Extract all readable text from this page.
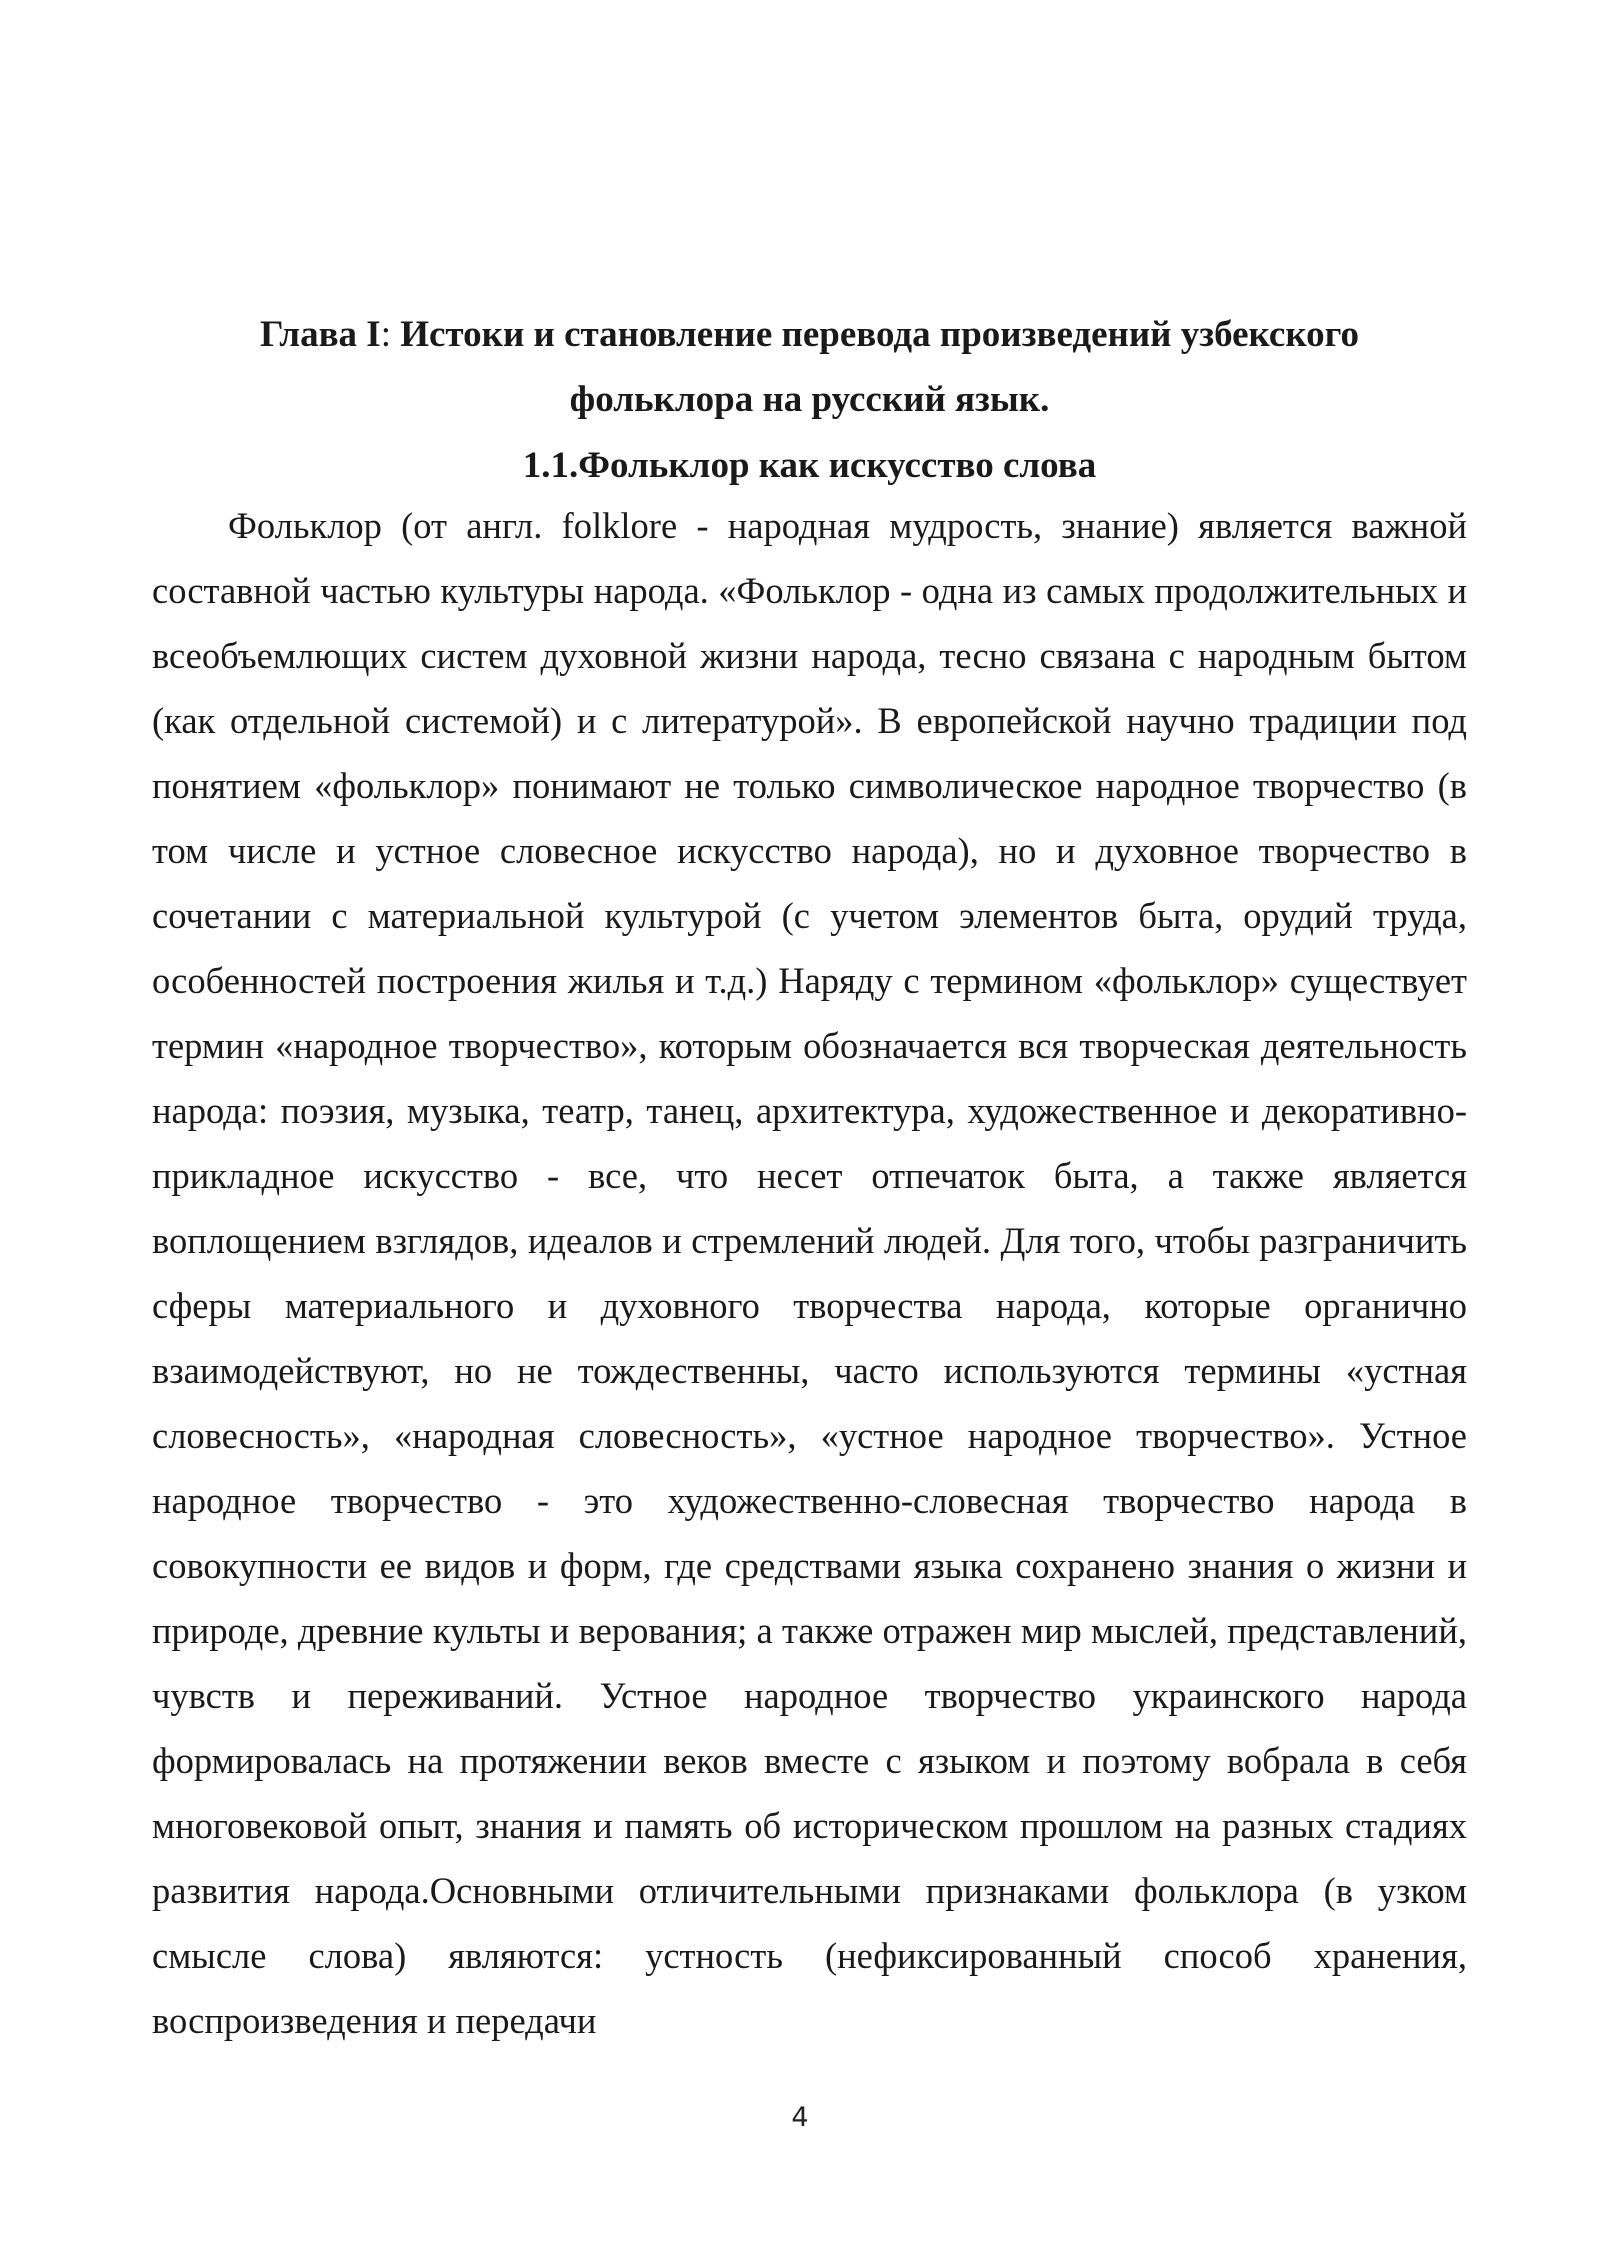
Глава I: Истоки и становление перевода произведений узбекского
фольклора на русский язык.
1.1.Фольклор как искусство слова

Фольклор (от англ. folklore - народная мудрость, знание) является важной составной частью культуры народа. «Фольклор - одна из самых продолжительных и всеобъемлющих систем духовной жизни народа, тесно связана с народным бытом (как отдельной системой) и с литературой». В европейской научно традиции под понятием «фольклор» понимают не только символическое народное творчество (в том числе и устное словесное искусство народа), но и духовное творчество в сочетании с материальной культурой (с учетом элементов быта, орудий труда, особенностей построения жилья и т.д.) Наряду с термином «фольклор» существует термин «народное творчество», которым обозначается вся творческая деятельность народа: поэзия, музыка, театр, танец, архитектура, художественное и декоративно-прикладное искусство - все, что несет отпечаток быта, а также является воплощением взглядов, идеалов и стремлений людей. Для того, чтобы разграничить сферы материального и духовного творчества народа, которые органично взаимодействуют, но не тождественны, часто используются термины «устная словесность», «народная словесность», «устное народное творчество». Устное народное творчество - это художественно-словесная творчество народа в совокупности ее видов и форм, где средствами языка сохранено знания о жизни и природе, древние культы и верования; а также отражен мир мыслей, представлений, чувств и переживаний. Устное народное творчество украинского народа формировалась на протяжении веков вместе с языком и поэтому вобрала в себя многовековой опыт, знания и память об историческом прошлом на разных стадиях развития народа.Основными отличительными признаками фольклора (в узком смысле слова) являются: устность (нефиксированный способ хранения, воспроизведения и передачи

4
